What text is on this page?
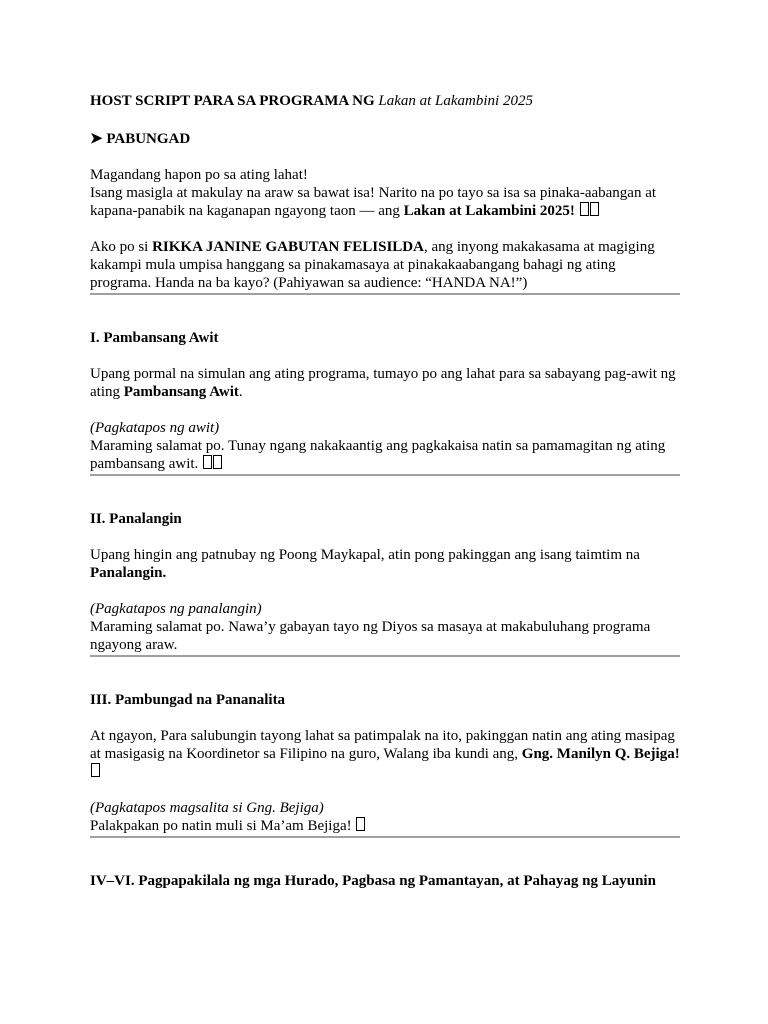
HOST SCRIPT PARA SA PROGRAMA NG Lakan at Lakambini 2025

➤ PABUNGAD

Magandang hapon po sa ating lahat!

Isang masigla at makulay na araw sa bawat isa! Narito na po tayo sa isa sa pinaka-aabangan at kapana-panabik na kaganapan ngayong taon — ang Lakan at Lakambini 2025!

Ako po si RIKKA JANINE GABUTAN FELISILDA, ang inyong makakasama at magiging kakampi mula umpisa hanggang sa pinakamasaya at pinakakaabangang bahagi ng ating programa. Handa na ba kayo? (Pahiyawan sa audience: “HANDA NA!”)

I. Pambansang Awit

Upang pormal na simulan ang ating programa, tumayo po ang lahat para sa sabayang pag-awit ng ating Pambansang Awit.

(Pagkatapos ng awit)

Maraming salamat po. Tunay ngang nakakaantig ang pagkakaisa natin sa pamamagitan ng ating pambansang awit.

II. Panalangin

Upang hingin ang patnubay ng Poong Maykapal, atin pong pakinggan ang isang taimtim na Panalangin.

(Pagkatapos ng panalangin)

Maraming salamat po. Nawa’y gabayan tayo ng Diyos sa masaya at makabuluhang programa ngayong araw.

III. Pambungad na Pananalita

At ngayon, Para salubungin tayong lahat sa patimpalak na ito, pakinggan natin ang ating masipag at masigasig na Koordinetor sa Filipino na guro, Walang iba kundi ang, Gng. Manilyn Q. Bejiga!

(Pagkatapos magsalita si Gng. Bejiga)

Palakpakan po natin muli si Ma’am Bejiga!

IV–VI. Pagpapakilala ng mga Hurado, Pagbasa ng Pamantayan, at Pahayag ng Layunin
